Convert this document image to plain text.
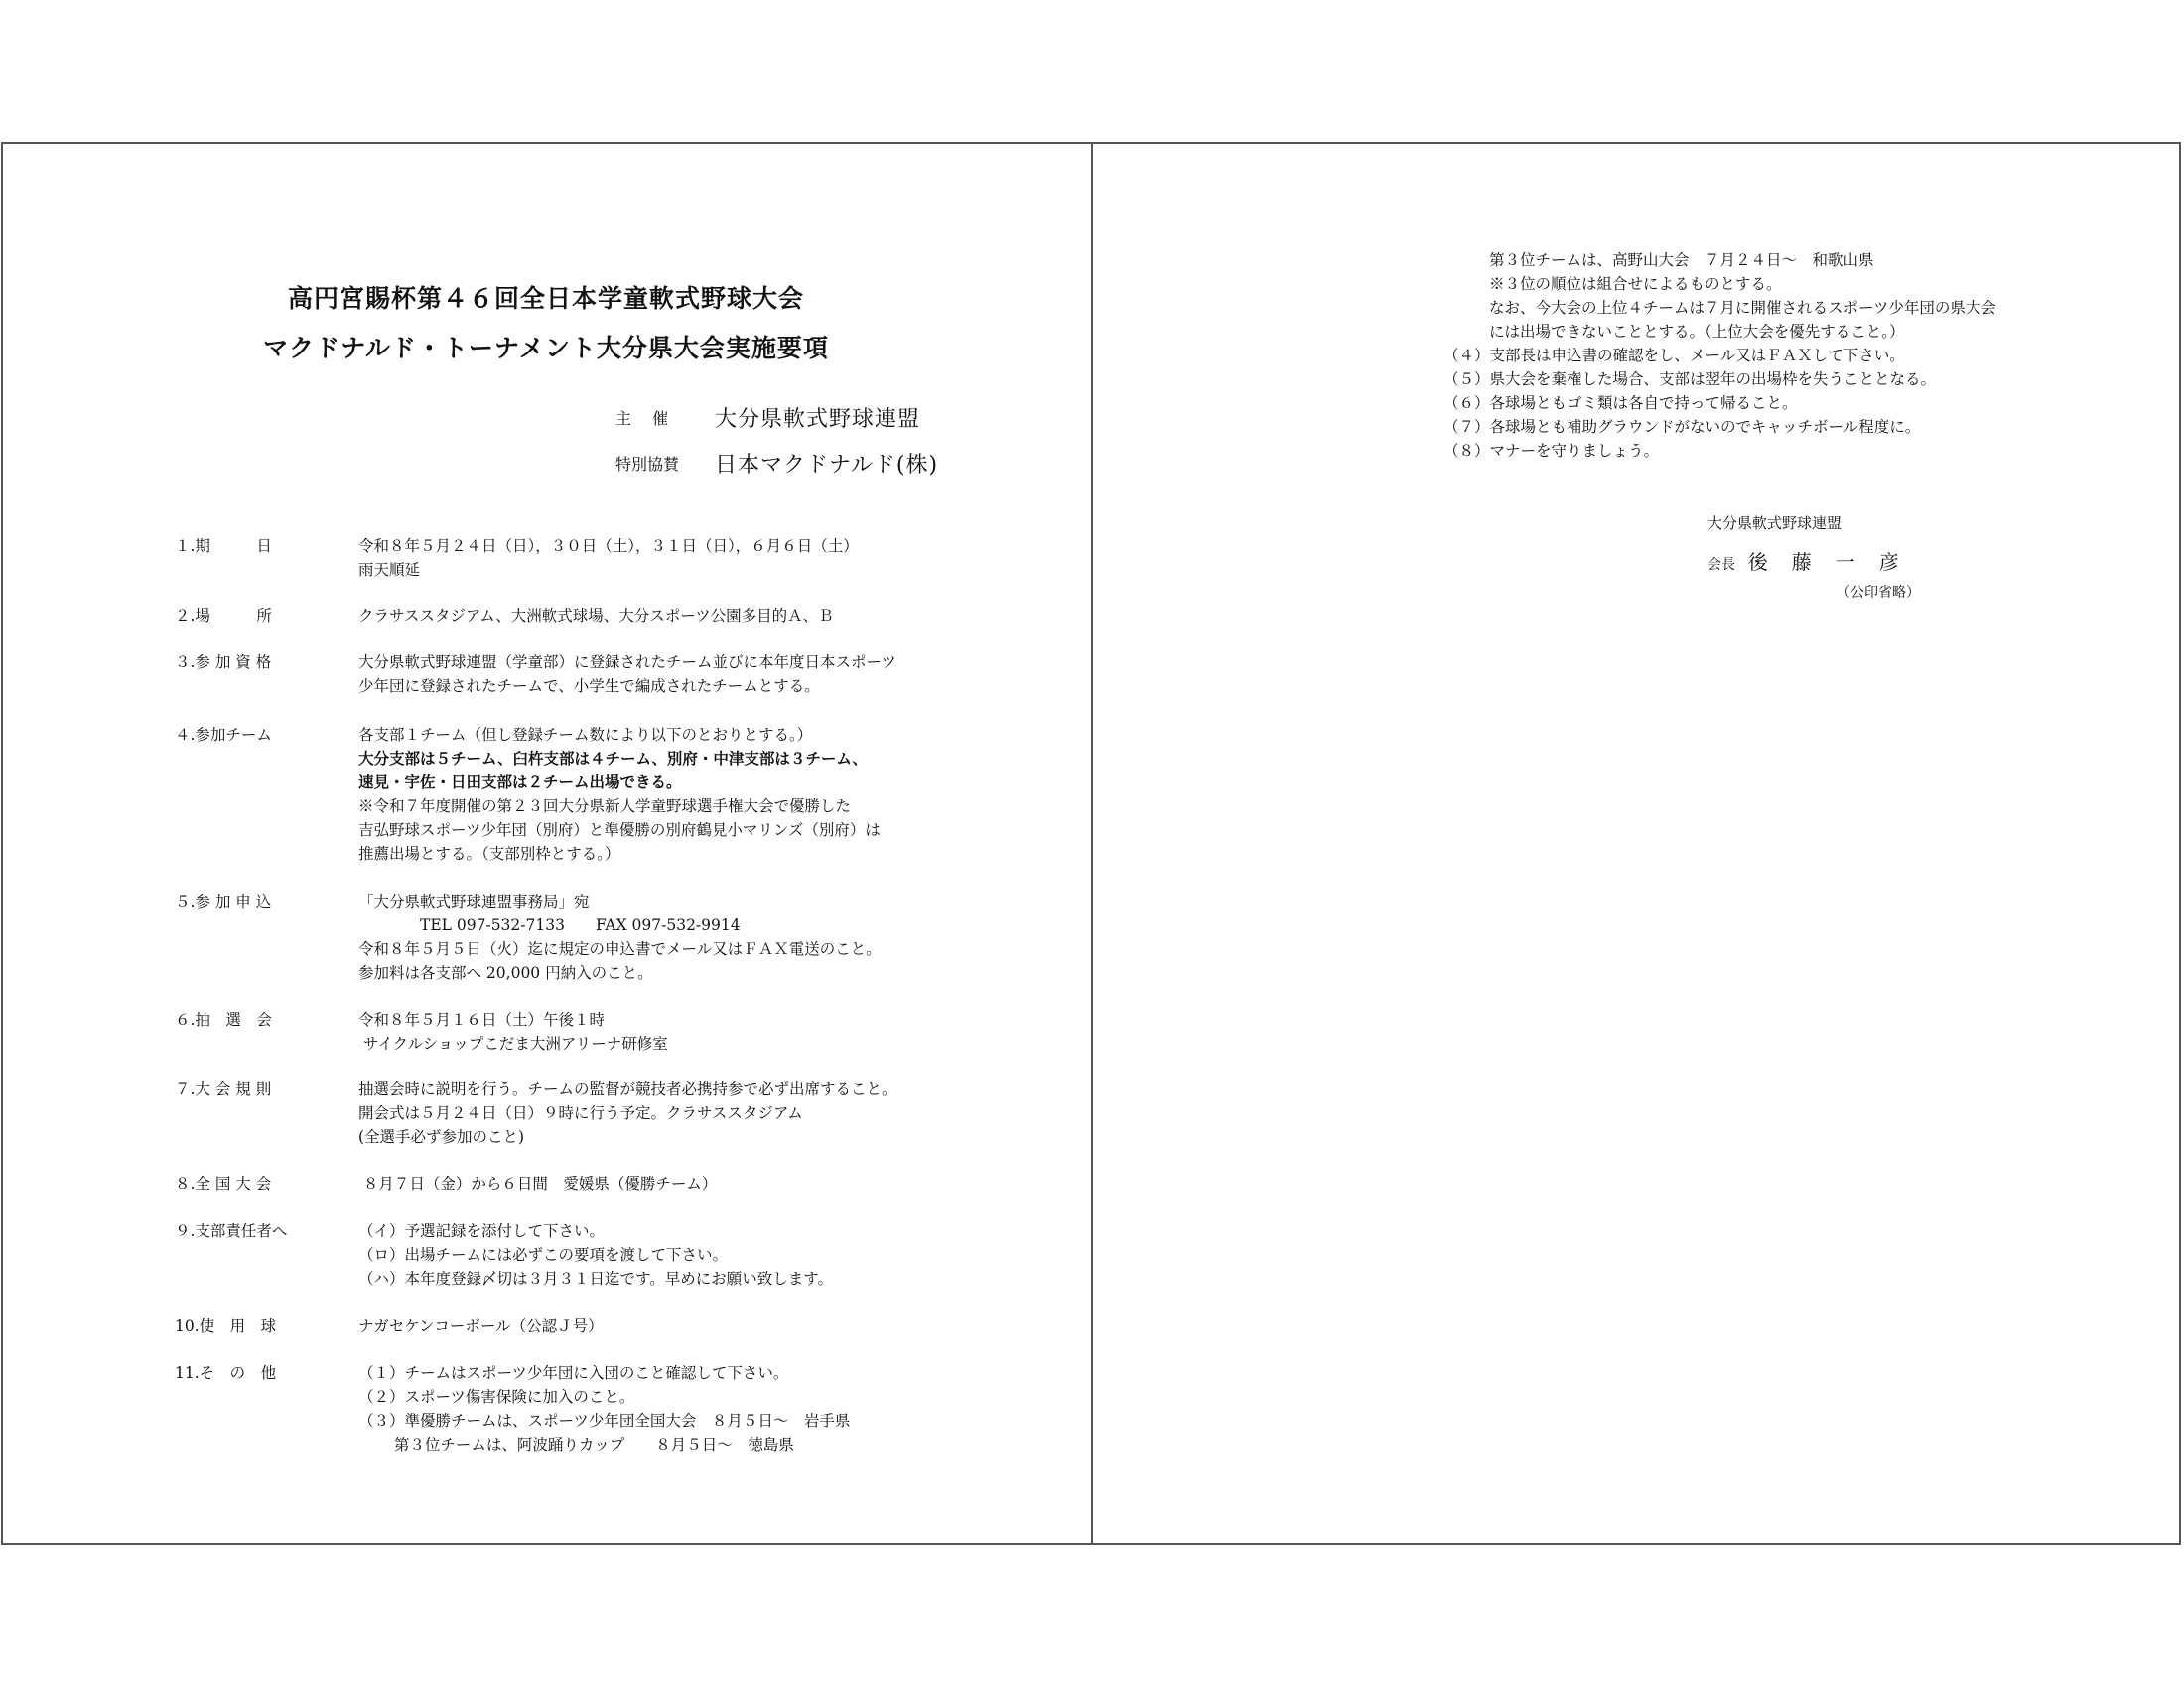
高円宮賜杯第４６回全日本学童軟式野球大会
マクドナルド・トーナメント大分県大会実施要項
主 催 大分県軟式野球連盟
特別協賛 日本マクドナルド(株)
１.期　　　日	令和８年５月２４日（日），３０日（土），３１日（日），６月６日（土）
雨天順延
２.場　　　所	クラサススタジアム、大洲軟式球場、大分スポーツ公園多目的Ａ、Ｂ
３.参 加 資 格	大分県軟式野球連盟（学童部）に登録されたチーム並びに本年度日本スポーツ
少年団に登録されたチームで、小学生で編成されたチームとする。
４.参加チーム	各支部１チーム（但し登録チーム数により以下のとおりとする。）
大分支部は５チーム、臼杵支部は４チーム、別府・中津支部は３チーム、
速見・宇佐・日田支部は２チーム出場できる。
※令和７年度開催の第２３回大分県新人学童野球選手権大会で優勝した
吉弘野球スポーツ少年団（別府）と準優勝の別府鶴見小マリンズ（別府）は
推薦出場とする。（支部別枠とする。）
５.参 加 申 込	「大分県軟式野球連盟事務局」宛
　　　　TEL 097-532-7133　　FAX 097-532-9914
令和８年５月５日（火）迄に規定の申込書でメール又はＦＡＸ電送のこと。
参加料は各支部へ 20,000 円納入のこと。
６.抽　選　会	令和８年５月１６日（土）午後１時
サイクルショップこだま大洲アリーナ研修室
７.大 会 規 則	抽選会時に説明を行う。チームの監督が競技者必携持参で必ず出席すること。
開会式は５月２４日（日）９時に行う予定。クラサススタジアム
(全選手必ず参加のこと)
８.全 国 大 会	８月７日（金）から６日間　愛媛県（優勝チーム）
９.支部責任者へ	（イ）予選記録を添付して下さい。
（ロ）出場チームには必ずこの要項を渡して下さい。
（ハ）本年度登録〆切は３月３１日迄です。早めにお願い致します。
10.使　用　球	ナガセケンコーボール（公認Ｊ号）
11.そ　の　他	（１）チームはスポーツ少年団に入団のこと確認して下さい。
（２）スポーツ傷害保険に加入のこと。
（３）準優勝チームは、スポーツ少年団全国大会　８月５日～　岩手県
　　 第３位チームは、阿波踊りカップ　　８月５日～　徳島県
第３位チームは、高野山大会　７月２４日～　和歌山県
※３位の順位は組合せによるものとする。
なお、今大会の上位４チームは７月に開催されるスポーツ少年団の県大会
には出場できないこととする。（上位大会を優先すること。）
（４）支部長は申込書の確認をし、メール又はＦＡＸして下さい。
（５）県大会を棄権した場合、支部は翌年の出場枠を失うこととなる。
（６）各球場ともゴミ類は各自で持って帰ること。
（７）各球場とも補助グラウンドがないのでキャッチボール程度に。
（８）マナーを守りましょう。
大分県軟式野球連盟
会長 後　藤　一　彦
（公印省略）
